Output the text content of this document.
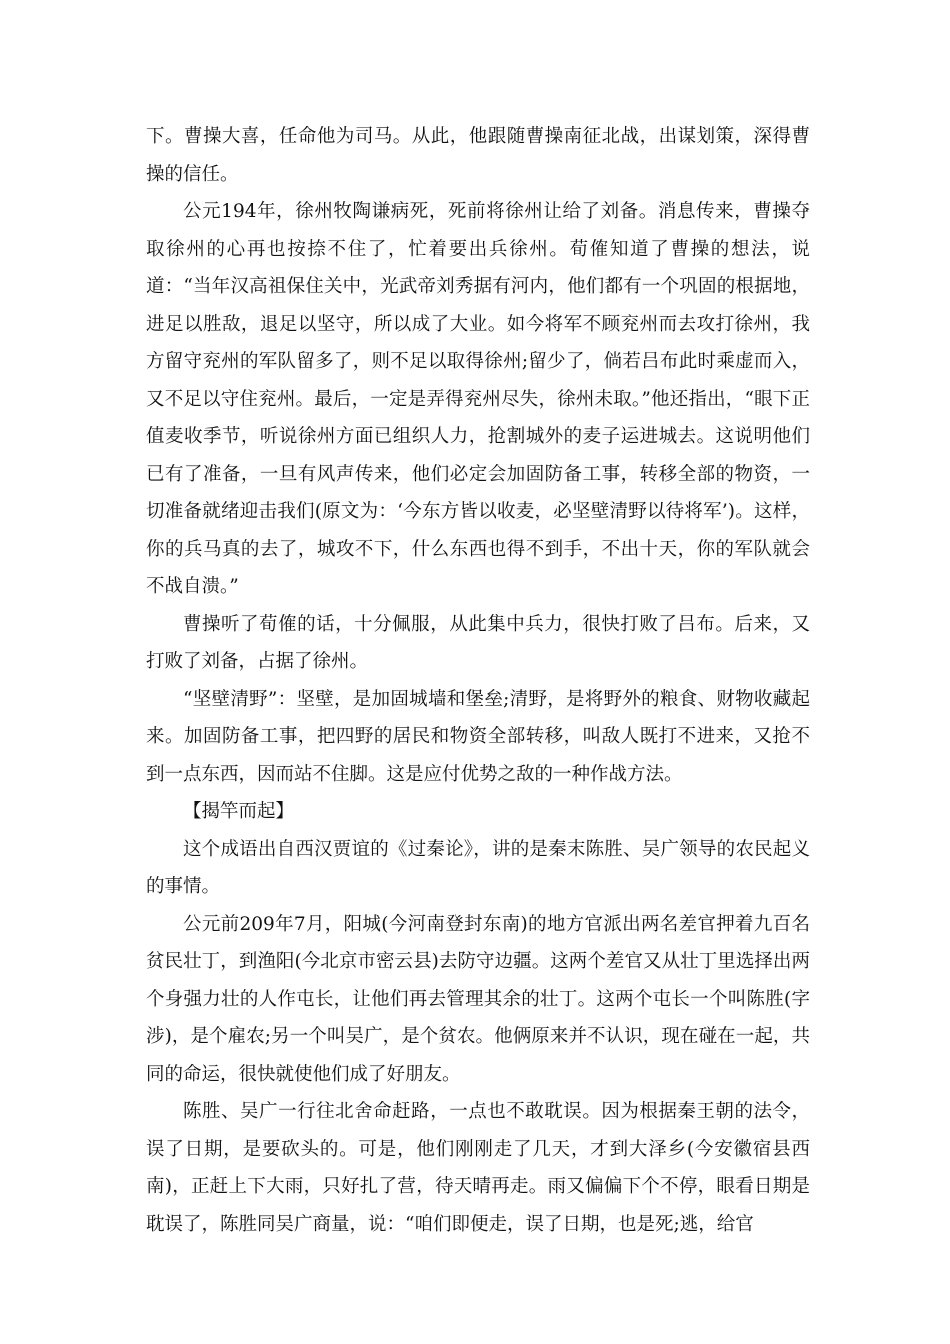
下。曹操大喜，任命他为司马。从此，他跟随曹操南征北战，出谋划策，深得曹操的信任。

公元194年，徐州牧陶谦病死，死前将徐州让给了刘备。消息传来，曹操夺取徐州的心再也按捺不住了，忙着要出兵徐州。荀傕知道了曹操的想法，说道：“当年汉高祖保住关中，光武帝刘秀据有河内，他们都有一个巩固的根据地，进足以胜敌，退足以坚守，所以成了大业。如今将军不顾兖州而去攻打徐州，我方留守兖州的军队留多了，则不足以取得徐州;留少了，倘若吕布此时乘虚而入，又不足以守住兖州。最后，一定是弄得兖州尽失，徐州未取。”他还指出，“眼下正值麦收季节，听说徐州方面已组织人力，抢割城外的麦子运进城去。这说明他们已有了准备，一旦有风声传来，他们必定会加固防备工事，转移全部的物资，一切准备就绪迎击我们(原文为：‘今东方皆以收麦，必坚壁清野以待将军’)。这样，你的兵马真的去了，城攻不下，什么东西也得不到手，不出十天，你的军队就会不战自溃。”

曹操听了荀傕的话，十分佩服，从此集中兵力，很快打败了吕布。后来，又打败了刘备，占据了徐州。

“坚壁清野”：坚壁，是加固城墙和堡垒;清野，是将野外的粮食、财物收藏起来。加固防备工事，把四野的居民和物资全部转移，叫敌人既打不进来，又抢不到一点东西，因而站不住脚。这是应付优势之敌的一种作战方法。

【揭竿而起】

这个成语出自西汉贾谊的《过秦论》，讲的是秦末陈胜、吴广领导的农民起义的事情。

公元前209年7月，阳城(今河南登封东南)的地方官派出两名差官押着九百名贫民壮丁，到渔阳(今北京市密云县)去防守边疆。这两个差官又从壮丁里选择出两个身强力壮的人作屯长，让他们再去管理其余的壮丁。这两个屯长一个叫陈胜(字涉)，是个雇农;另一个叫吴广，是个贫农。他俩原来并不认识，现在碰在一起，共同的命运，很快就使他们成了好朋友。

陈胜、吴广一行往北舍命赶路，一点也不敢耽误。因为根据秦王朝的法令，误了日期，是要砍头的。可是，他们刚刚走了几天，才到大泽乡(今安徽宿县西南)，正赶上下大雨，只好扎了营，待天晴再走。雨又偏偏下个不停，眼看日期是耽误了，陈胜同吴广商量，说：“咱们即便走，误了日期，也是死;逃，给官
